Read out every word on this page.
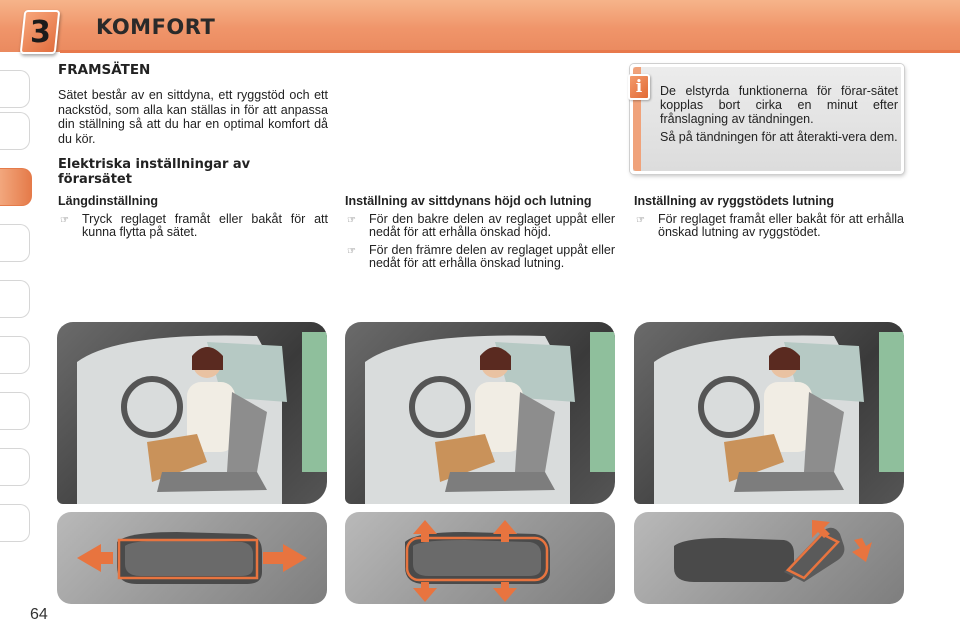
3 KOMFORT
FRAMSÄTEN
Sätet består av en sittdyna, ett ryggstöd och ett nackstöd, som alla kan ställas in för att anpassa din ställning så att du har en optimal komfort då du kör.
Elektriska inställningar av förarsätet
Längdinställning
☞	Tryck reglaget framåt eller bakåt för att kunna flytta på sätet.
Inställning av sittdynans höjd och lutning
☞	För den bakre delen av reglaget uppåt eller nedåt för att erhålla önskad höjd.
☞	För den främre delen av reglaget uppåt eller nedåt för att erhålla önskad lutning.
Inställning av ryggstödets lutning
☞	För reglaget framåt eller bakåt för att erhålla önskad lutning av ryggstödet.
i De elstyrda funktionerna för förar-sätet kopplas bort cirka en minut efter frånslagning av tändningen.

Så på tändningen för att återakti-vera dem.

64
